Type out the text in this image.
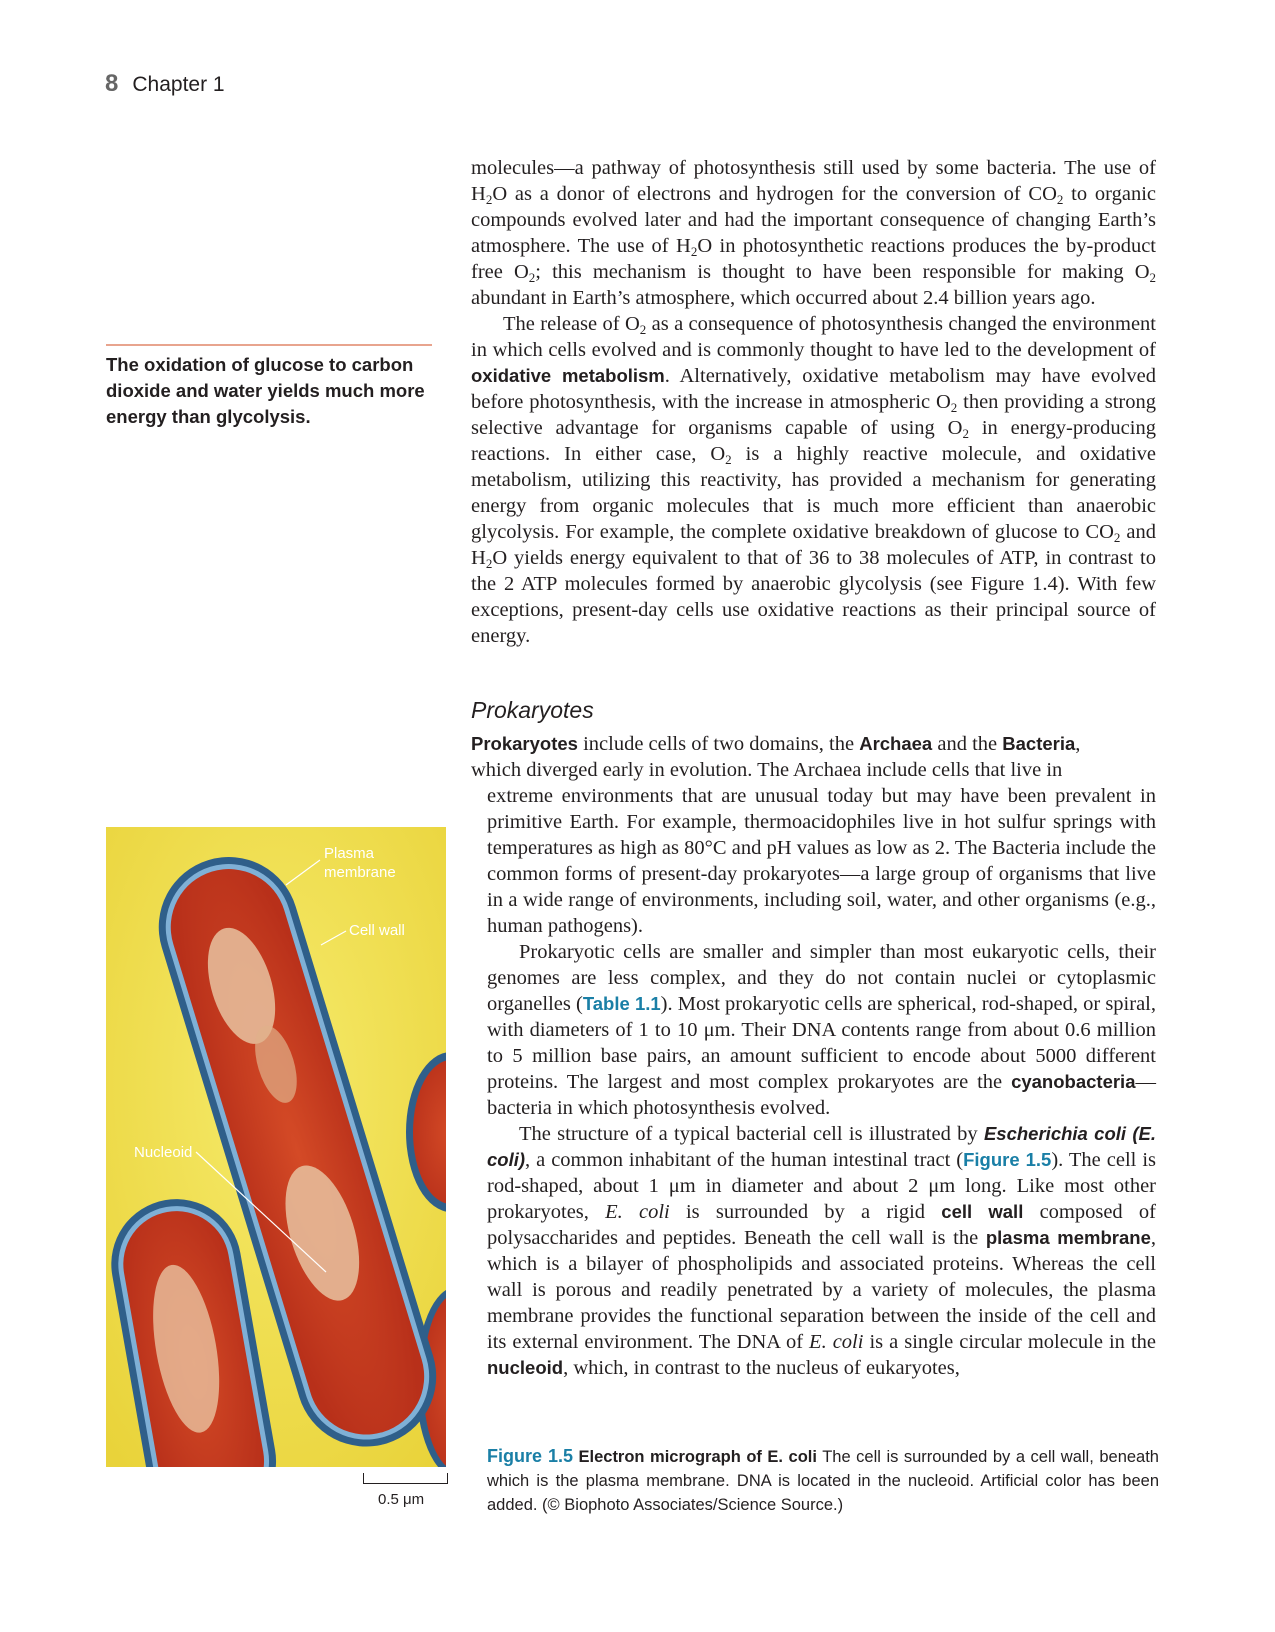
8 Chapter 1

molecules—a pathway of photosynthesis still used by some bacteria. The use of $H_2O$ as a donor of electrons and hydrogen for the conversion of $CO_2$ to organic compounds evolved later and had the important consequence of changing Earth’s atmosphere. The use of $H_2O$ in photosynthetic reactions produces the by-product free $O_2$; this mechanism is thought to have been responsible for making $O_2$ abundant in Earth’s atmosphere, which occurred about 2.4 billion years ago.

The release of $O_2$ as a consequence of photosynthesis changed the environment in which cells evolved and is commonly thought to have led to the development of oxidative metabolism. Alternatively, oxidative metabolism may have evolved before photosynthesis, with the increase in atmospheric $O_2$ then providing a strong selective advantage for organisms capable of using $O_2$ in energy-producing reactions. In either case, $O_2$ is a highly reactive molecule, and oxidative metabolism, utilizing this reactivity, has provided a mechanism for generating energy from organic molecules that is much more efficient than anaerobic glycolysis. For example, the complete oxidative breakdown of glucose to $CO_2$ and $H_2O$ yields energy equivalent to that of 36 to 38 molecules of ATP, in contrast to the 2 ATP molecules formed by anaerobic glycolysis (see Figure 1.4). With few exceptions, present-day cells use oxidative reactions as their principal source of energy.

Prokaryotes

Prokaryotes include cells of two domains, the Archaea and the Bacteria,

which diverged early in evolution. The Archaea include cells that live in

extreme environments that are unusual today but may have been prevalent in primitive Earth. For example, thermoacidophiles live in hot sulfur springs with temperatures as high as 80°C and pH values as low as 2. The Bacteria include the common forms of present-day prokaryotes—a large group of organisms that live in a wide range of environments, including soil, water, and other organisms (e.g., human pathogens).

Prokaryotic cells are smaller and simpler than most eukaryotic cells, their genomes are less complex, and they do not contain nuclei or cytoplasmic organelles (Table 1.1). Most prokaryotic cells are spherical, rod-shaped, or spiral, with diameters of 1 to 10 μm. Their DNA contents range from about 0.6 million to 5 million base pairs, an amount sufficient to encode about 5000 different proteins. The largest and most complex prokaryotes are the cyanobacteria—bacteria in which photosynthesis evolved.

The structure of a typical bacterial cell is illustrated by Escherichia coli (E. coli), a common inhabitant of the human intestinal tract (Figure 1.5). The cell is rod-shaped, about 1 μm in diameter and about 2 μm long. Like most other prokaryotes, E. coli is surrounded by a rigid cell wall composed of polysaccharides and peptides. Beneath the cell wall is the plasma membrane, which is a bilayer of phospholipids and associated proteins. Whereas the cell wall is porous and readily penetrated by a variety of molecules, the plasma membrane provides the functional separation between the inside of the cell and its external environment. The DNA of E. coli is a single circular molecule in the nucleoid, which, in contrast to the nucleus of eukaryotes,

The oxidation of glucose to carbon dioxide and water yields much more energy than glycolysis.
Plasma
membrane
Cell wall
Nucleoid
0.5 μm
Figure 1.5 Electron micrograph of E. coli The cell is surrounded by a cell wall, beneath which is the plasma membrane. DNA is located in the nucleoid. Artificial color has been added. (© Biophoto Associates/Science Source.)
